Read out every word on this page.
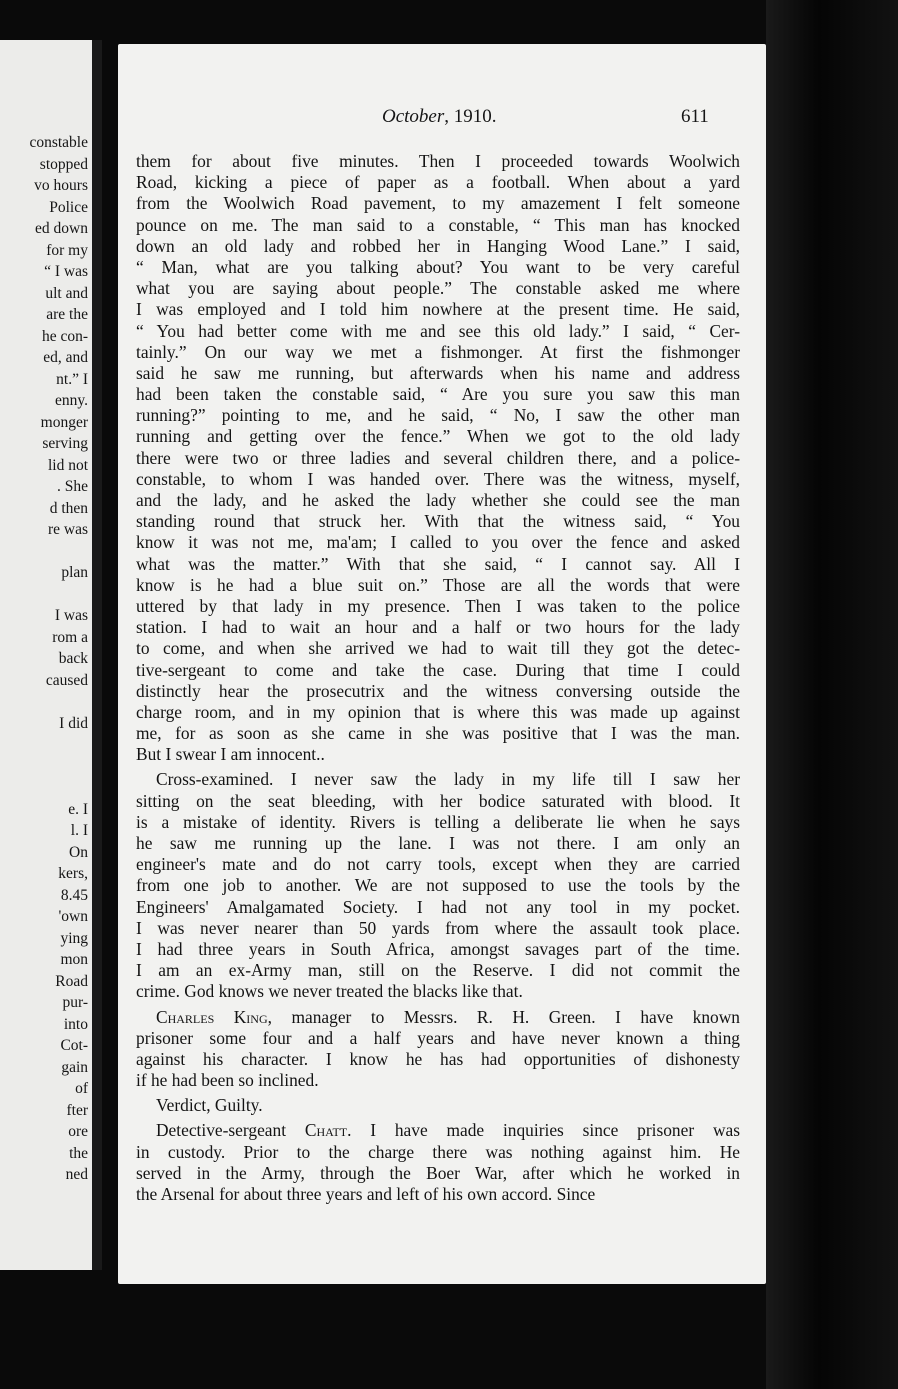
constable
stopped
vo hours
Police
ed down
for my
“ I was
ult and
are the
he con-
ed, and
nt.” I
enny.
monger
serving
lid not
. She
d then
re was
plan
I was
rom a
back
caused
I did
e. I
l. I
On
kers,
8.45
'own
ying
mon
Road
pur-
into
Cot-
gain
of
fter
ore
the
ned
October, 1910.	611
them for about five minutes. Then I proceeded towards Woolwich
Road, kicking a piece of paper as a football. When about a yard
from the Woolwich Road pavement, to my amazement I felt someone
pounce on me. The man said to a constable, “ This man has knocked
down an old lady and robbed her in Hanging Wood Lane.” I said,
“ Man, what are you talking about? You want to be very careful
what you are saying about people.” The constable asked me where
I was employed and I told him nowhere at the present time. He said,
“ You had better come with me and see this old lady.” I said, “ Cer-
tainly.” On our way we met a fishmonger. At first the fishmonger
said he saw me running, but afterwards when his name and address
had been taken the constable said, “ Are you sure you saw this man
running?” pointing to me, and he said, “ No, I saw the other man
running and getting over the fence.” When we got to the old lady
there were two or three ladies and several children there, and a police-
constable, to whom I was handed over. There was the witness, myself,
and the lady, and he asked the lady whether she could see the man
standing round that struck her. With that the witness said, “ You
know it was not me, ma'am; I called to you over the fence and asked
what was the matter.” With that she said, “ I cannot say. All I
know is he had a blue suit on.” Those are all the words that were
uttered by that lady in my presence. Then I was taken to the police
station. I had to wait an hour and a half or two hours for the lady
to come, and when she arrived we had to wait till they got the detec-
tive-sergeant to come and take the case. During that time I could
distinctly hear the prosecutrix and the witness conversing outside the
charge room, and in my opinion that is where this was made up against
me, for as soon as she came in she was positive that I was the man.
But I swear I am innocent..
Cross-examined. I never saw the lady in my life till I saw her
sitting on the seat bleeding, with her bodice saturated with blood. It
is a mistake of identity. Rivers is telling a deliberate lie when he says
he saw me running up the lane. I was not there. I am only an
engineer's mate and do not carry tools, except when they are carried
from one job to another. We are not supposed to use the tools by the
Engineers' Amalgamated Society. I had not any tool in my pocket.
I was never nearer than 50 yards from where the assault took place.
I had three years in South Africa, amongst savages part of the time.
I am an ex-Army man, still on the Reserve. I did not commit the
crime. God knows we never treated the blacks like that.
Charles King, manager to Messrs. R. H. Green. I have known
prisoner some four and a half years and have never known a thing
against his character. I know he has had opportunities of dishonesty
if he had been so inclined.
Verdict, Guilty.
Detective-sergeant Chatt. I have made inquiries since prisoner was
in custody. Prior to the charge there was nothing against him. He
served in the Army, through the Boer War, after which he worked in
the Arsenal for about three years and left of his own accord. Since
